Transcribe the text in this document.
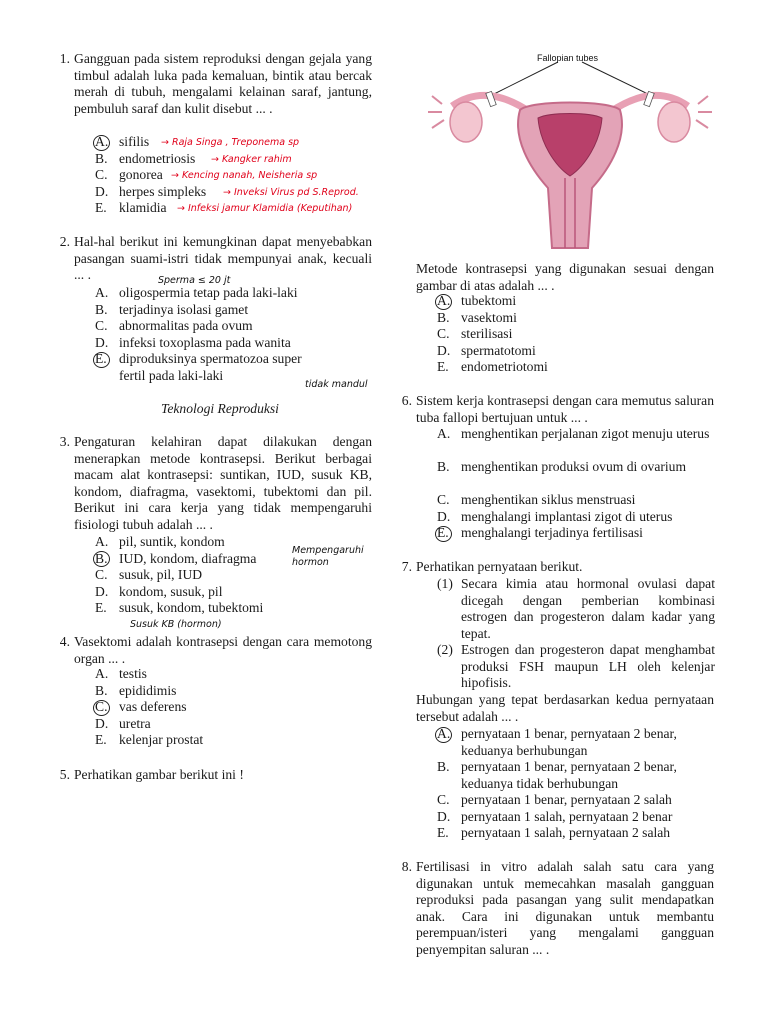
1. Gangguan pada sistem reproduksi dengan gejala yang timbul adalah luka pada kemaluan, bintik atau bercak merah di tubuh, mengalami kelainan saraf, jantung, pembuluh saraf dan kulit disebut ... .
A. sifilis → Raja Singa , Treponema sp
B. endometriosis → Kangker rahim
C. gonorea → Kencing nanah, Neisheria sp
D. herpes simpleks → Inveksi Virus pd S.Reprod.
E. klamidia → Infeksi jamur Klamidia (Keputihan)
2. Hal-hal berikut ini kemungkinan dapat menyebabkan pasangan suami-istri tidak mempunyai anak, kecuali ... .	Sperma ≤ 20 jt
A. oligospermia tetap pada laki-laki
B. terjadinya isolasi gamet
C. abnormalitas pada ovum
D. infeksi toxoplasma pada wanita
E. diproduksinya spermatozoa super fertil pada laki-laki
tidak mandul
Teknologi Reproduksi
3. Pengaturan kelahiran dapat dilakukan dengan menerapkan metode kontrasepsi. Berikut berbagai macam alat kontrasepsi: suntikan, IUD, susuk KB, kondom, diafragma, vasektomi, tubektomi dan pil. Berikut ini cara kerja yang tidak mempengaruhi fisiologi tubuh adalah ... .
A. pil, suntik, kondom
B. IUD, kondom, diafragma
C. susuk, pil, IUD
D. kondom, susuk, pil
E. susuk, kondom, tubektomi
Mempengaruhi hormon
Susuk KB (hormon)
4. Vasektomi adalah kontrasepsi dengan cara memotong organ ... .
A. testis
B. epididimis
C. vas deferens
D. uretra
E. kelenjar prostat
5. Perhatikan gambar berikut ini !
Fallopian tubes
Metode kontrasepsi yang digunakan sesuai dengan gambar di atas adalah ... .
A. tubektomi
B. vasektomi
C. sterilisasi
D. spermatotomi
E. endometriotomi
6. Sistem kerja kontrasepsi dengan cara memutus saluran tuba fallopi bertujuan untuk ... .
A. menghentikan perjalanan zigot menuju uterus
B. menghentikan produksi ovum di ovarium
C. menghentikan siklus menstruasi
D. menghalangi implantasi zigot di uterus
E. menghalangi terjadinya fertilisasi
7. Perhatikan pernyataan berikut.
(1) Secara kimia atau hormonal ovulasi dapat dicegah dengan pemberian kombinasi estrogen dan progesteron dalam kadar yang tepat.
(2) Estrogen dan progesteron dapat menghambat produksi FSH maupun LH oleh kelenjar hipofisis.
Hubungan yang tepat berdasarkan kedua pernyataan tersebut adalah ... .
A. pernyataan 1 benar, pernyataan 2 benar, keduanya berhubungan
B. pernyataan 1 benar, pernyataan 2 benar, keduanya tidak berhubungan
C. pernyataan 1 benar, pernyataan 2 salah
D. pernyataan 1 salah, pernyataan 2 benar
E. pernyataan 1 salah, pernyataan 2 salah
8. Fertilisasi in vitro adalah salah satu cara yang digunakan untuk memecahkan masalah gangguan reproduksi pada pasangan yang sulit mendapatkan anak. Cara ini digunakan untuk membantu perempuan/isteri yang mengalami gangguan penyempitan saluran ... .
